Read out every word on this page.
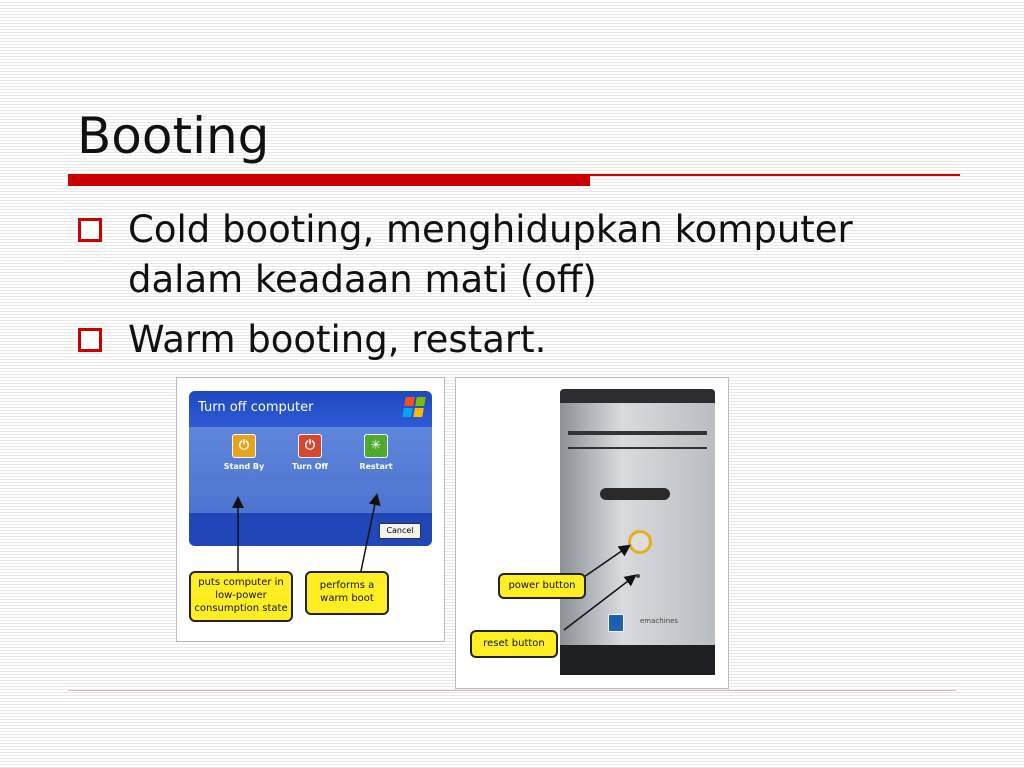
Booting
Cold booting, menghidupkan komputer dalam keadaan mati (off)
Warm booting, restart.
Turn off computer
⏻
Stand By
⏻
Turn Off
✳
Restart
Cancel
puts computer in low-power consumption state
performs a warm boot
emachines
power button
reset button
